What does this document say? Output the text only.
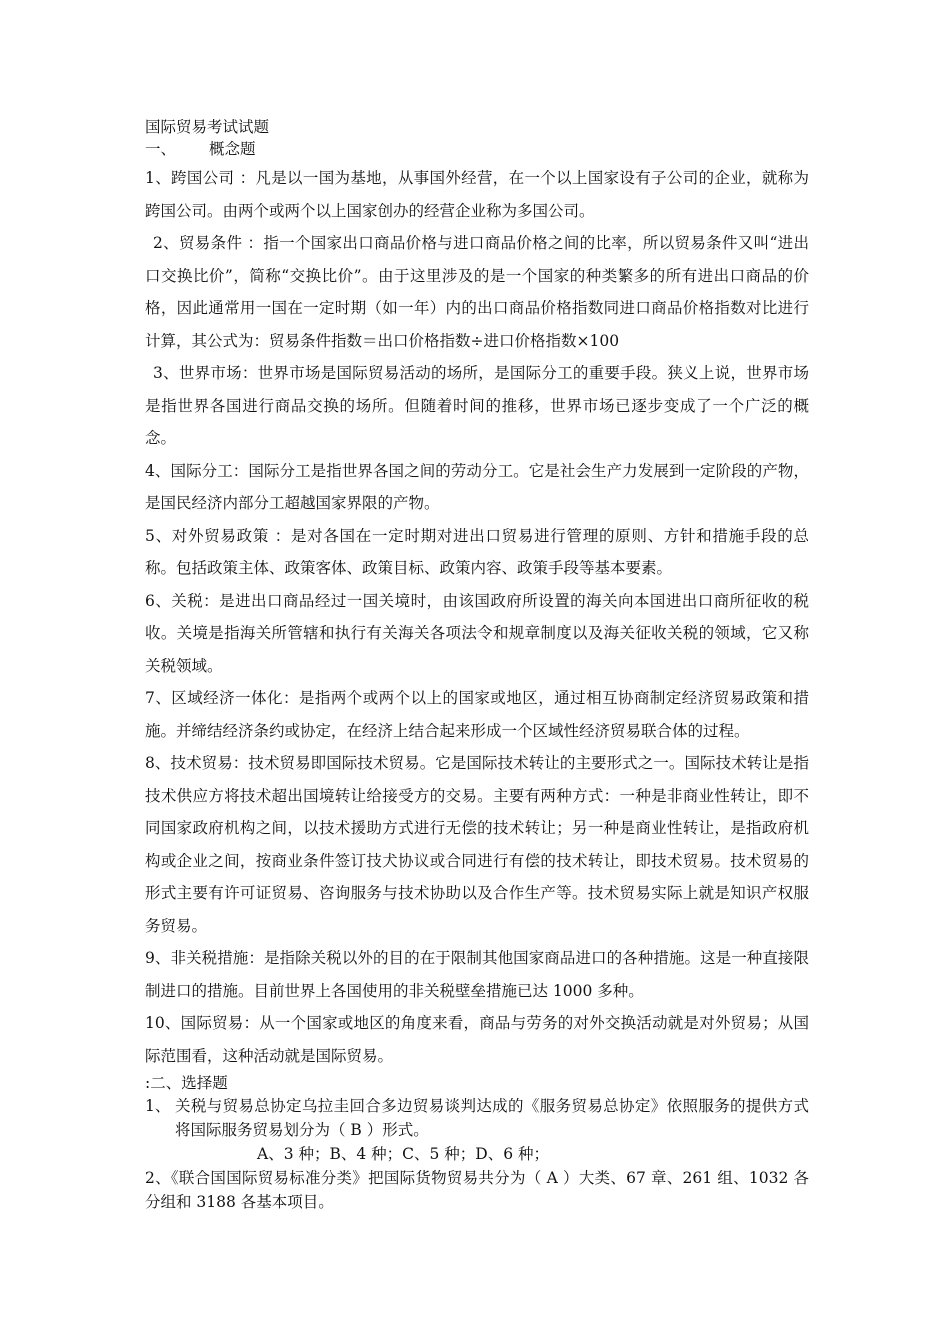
国际贸易考试试题

一、 概念题

1、跨国公司 ：凡是以一国为基地，从事国外经营，在一个以上国家设有子公司的企业，就称为跨国公司。由两个或两个以上国家创办的经营企业称为多国公司。

2、贸易条件 ：指一个国家出口商品价格与进口商品价格之间的比率，所以贸易条件又叫“进出口交换比价”，简称“交换比价”。由于这里涉及的是一个国家的种类繁多的所有进出口商品的价格，因此通常用一国在一定时期（如一年）内的出口商品价格指数同进口商品价格指数对比进行计算，其公式为：贸易条件指数＝出口价格指数÷进口价格指数×100

3、世界市场：世界市场是国际贸易活动的场所，是国际分工的重要手段。狭义上说，世界市场是指世界各国进行商品交换的场所。但随着时间的推移，世界市场已逐步变成了一个广泛的概念。

4、国际分工：国际分工是指世界各国之间的劳动分工。它是社会生产力发展到一定阶段的产物，是国民经济内部分工超越国家界限的产物。

5、对外贸易政策 ：是对各国在一定时期对进出口贸易进行管理的原则、方针和措施手段的总称。包括政策主体、政策客体、政策目标、政策内容、政策手段等基本要素。

6、关税：是进出口商品经过一国关境时，由该国政府所设置的海关向本国进出口商所征收的税收。关境是指海关所管辖和执行有关海关各项法令和规章制度以及海关征收关税的领域，它又称关税领域。

7、区域经济一体化：是指两个或两个以上的国家或地区，通过相互协商制定经济贸易政策和措施。并缔结经济条约或协定，在经济上结合起来形成一个区域性经济贸易联合体的过程。

8、技术贸易：技术贸易即国际技术贸易。它是国际技术转让的主要形式之一。国际技术转让是指技术供应方将技术超出国境转让给接受方的交易。主要有两种方式：一种是非商业性转让，即不同国家政府机构之间，以技术援助方式进行无偿的技术转让；另一种是商业性转让，是指政府机构或企业之间，按商业条件签订技犬协议或合同进行有偿的技术转让，即技术贸易。技术贸易的形式主要有许可证贸易、咨询服务与技术协助以及合作生产等。技术贸易实际上就是知识产权服务贸易。

9、非关税措施：是指除关税以外的目的在于限制其他国家商品进口的各种措施。这是一种直接限制进口的措施。目前世界上各国使用的非关税壁垒措施已达 1000 多种。

10、国际贸易：从一个国家或地区的角度来看，商品与劳务的对外交换活动就是对外贸易；从国际范围看，这种活动就是国际贸易。

:二、选择题

1、 关税与贸易总协定乌拉圭回合多边贸易谈判达成的《服务贸易总协定》依照服务的提供方式将国际服务贸易划分为（ B ）形式。

A、3 种；B、4 种；C、5 种；D、6 种；

2、《联合国国际贸易标准分类》把国际货物贸易共分为（ A ）大类、67 章、261 组、1032 各分组和 3188 各基本项目。
